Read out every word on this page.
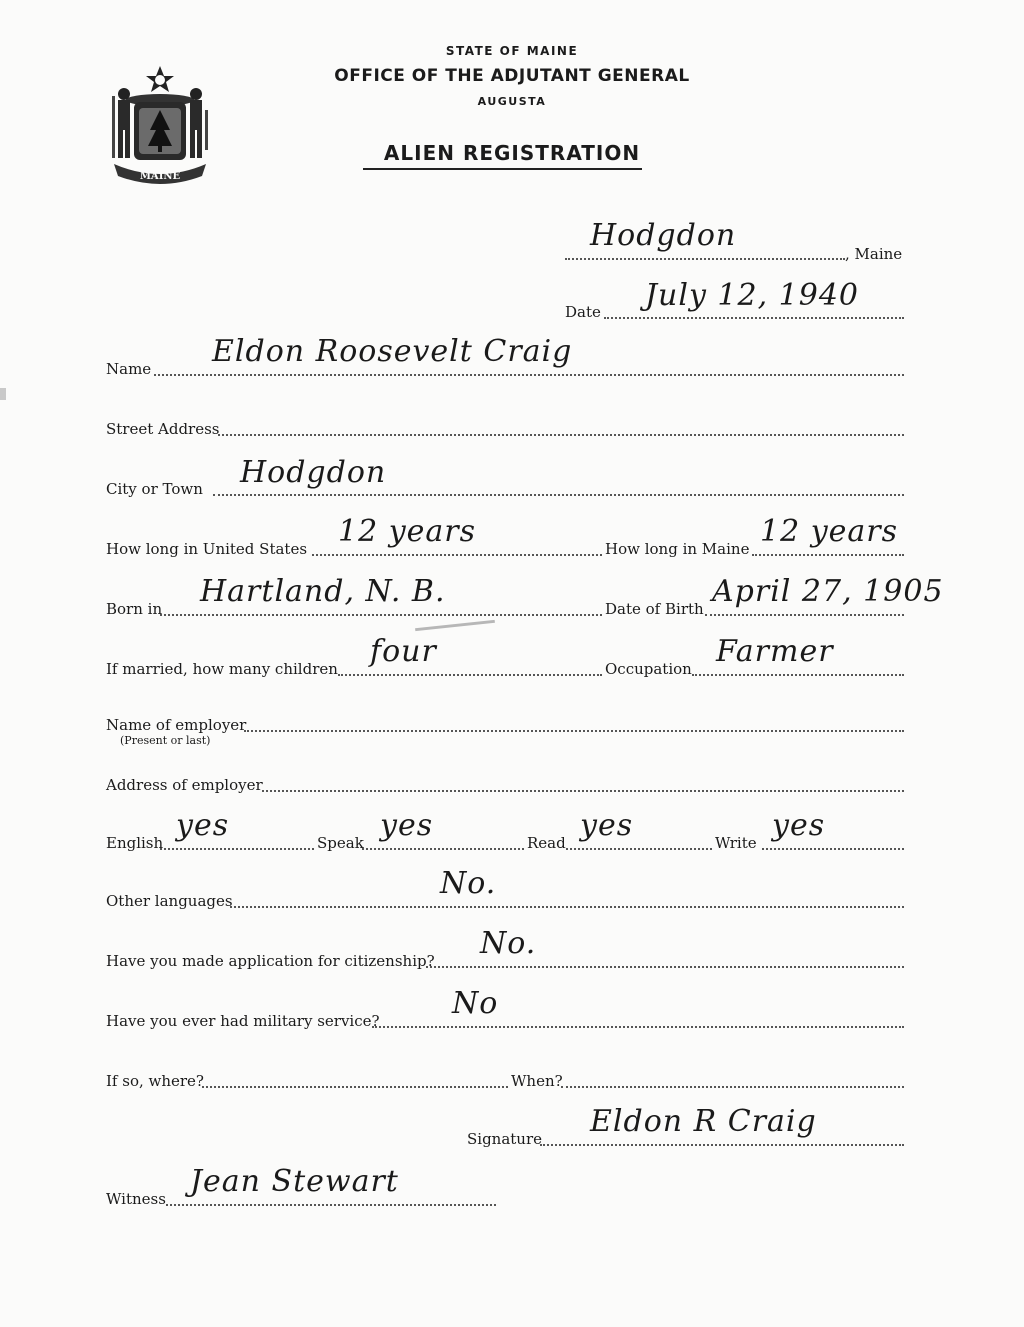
MAINE
STATE OF MAINE
OFFICE OF THE ADJUTANT GENERAL
AUGUSTA
ALIEN REGISTRATION
Hodgdon
, Maine
Date July 12, 1940
Name Eldon Roosevelt Craig
Street Address
City or Town Hodgdon
How long in United States 12 years	How long in Maine 12 years
Born in Hartland, N. B.	Date of Birth April 27, 1905
If married, how many children four	Occupation Farmer
Name of employer
(Present or last)
Address of employer
English yes	Speak yes	Read yes	Write yes
Other languages	No.
Have you made application for citizenship? No.
Have you ever had military service? No
If so, where?	When?
Signature Eldon R Craig
Witness Jean Stewart
